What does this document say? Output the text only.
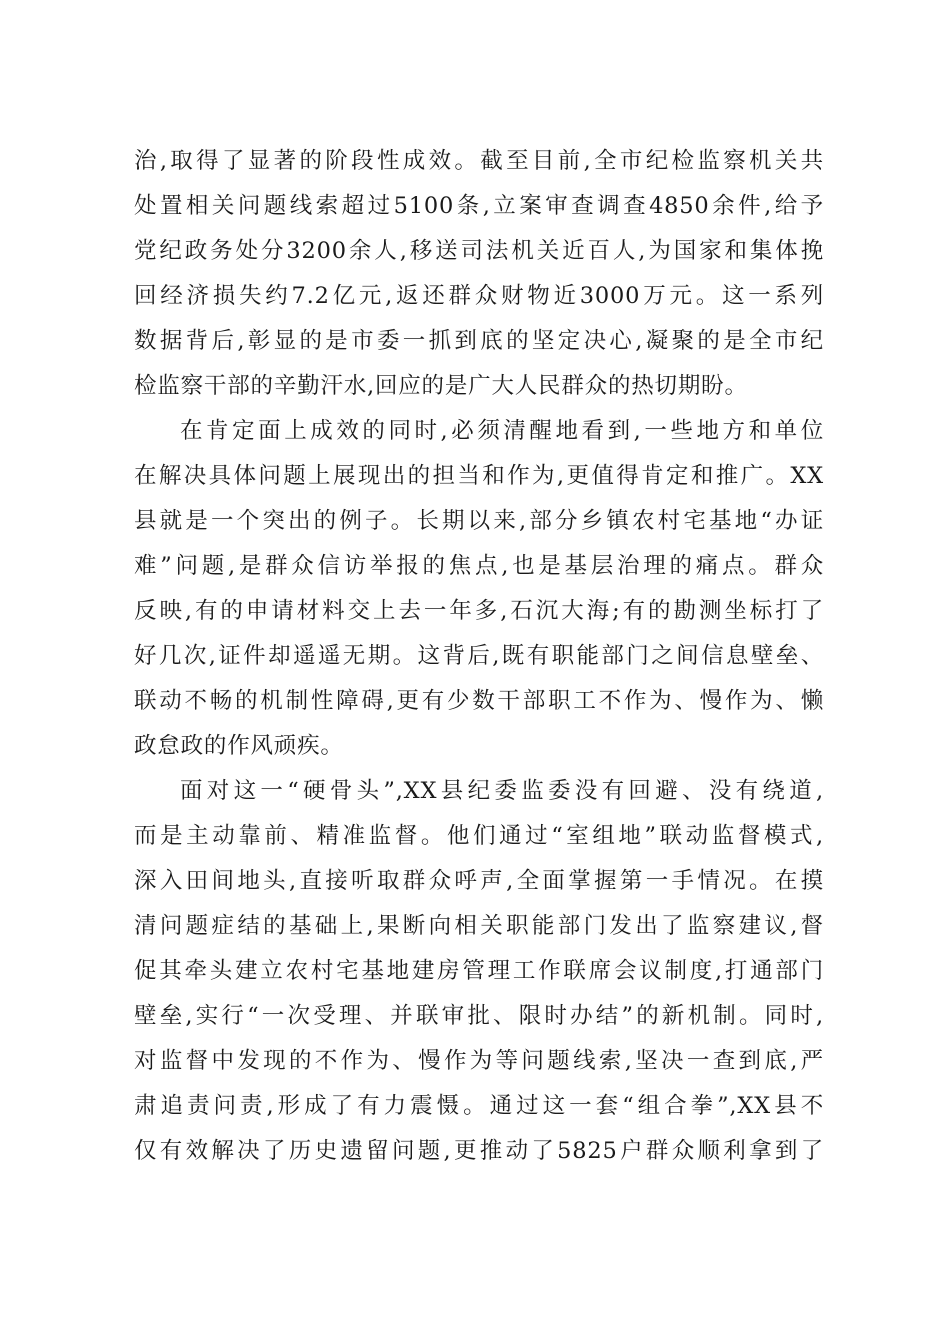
治,取得了显著的阶段性成效。截至目前,全市纪检监察机关共
处置相关问题线索超过5100条,立案审查调查4850余件,给予
党纪政务处分3200余人,移送司法机关近百人,为国家和集体挽
回经济损失约7.2亿元,返还群众财物近3000万元。这一系列
数据背后,彰显的是市委一抓到底的坚定决心,凝聚的是全市纪
检监察干部的辛勤汗水,回应的是广大人民群众的热切期盼。
在肯定面上成效的同时,必须清醒地看到,一些地方和单位
在解决具体问题上展现出的担当和作为,更值得肯定和推广。XX
县就是一个突出的例子。长期以来,部分乡镇农村宅基地“办证
难”问题,是群众信访举报的焦点,也是基层治理的痛点。群众
反映,有的申请材料交上去一年多,石沉大海;有的勘测坐标打了
好几次,证件却遥遥无期。这背后,既有职能部门之间信息壁垒、
联动不畅的机制性障碍,更有少数干部职工不作为、慢作为、懒
政怠政的作风顽疾。
面对这一“硬骨头”,XX县纪委监委没有回避、没有绕道,
而是主动靠前、精准监督。他们通过“室组地”联动监督模式,
深入田间地头,直接听取群众呼声,全面掌握第一手情况。在摸
清问题症结的基础上,果断向相关职能部门发出了监察建议,督
促其牵头建立农村宅基地建房管理工作联席会议制度,打通部门
壁垒,实行“一次受理、并联审批、限时办结”的新机制。同时,
对监督中发现的不作为、慢作为等问题线索,坚决一查到底,严
肃追责问责,形成了有力震慑。通过这一套“组合拳”,XX县不
仅有效解决了历史遗留问题,更推动了5825户群众顺利拿到了
